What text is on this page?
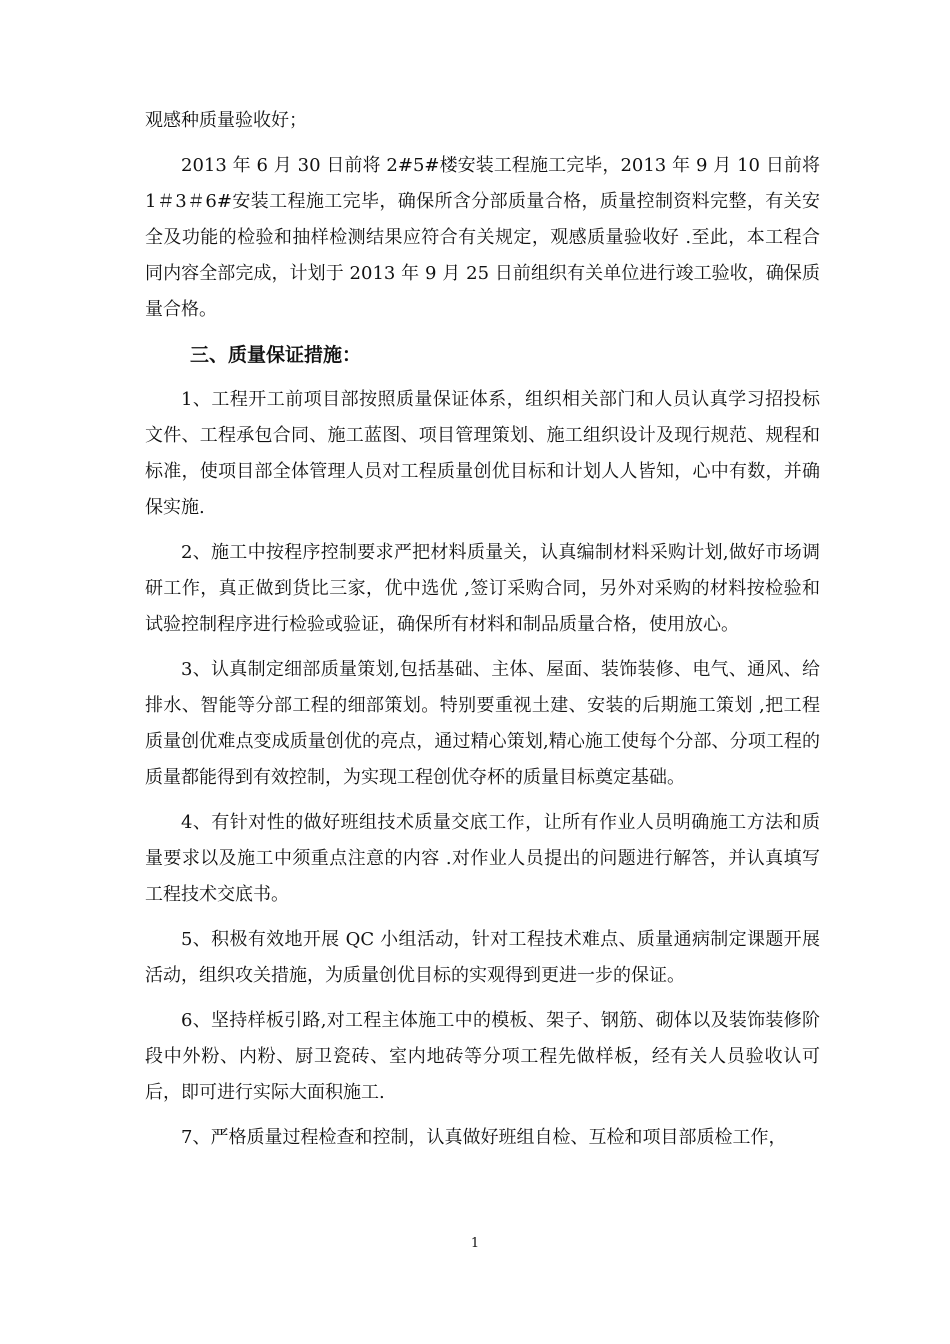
观感种质量验收好；

2013 年 6 月 30 日前将 2#5#楼安装工程施工完毕，2013 年 9 月 10 日前将 1＃3＃6#安装工程施工完毕，确保所含分部质量合格，质量控制资料完整，有关安全及功能的检验和抽样检测结果应符合有关规定，观感质量验收好 .至此，本工程合同内容全部完成，计划于 2013 年 9 月 25 日前组织有关单位进行竣工验收，确保质量合格。

三、质量保证措施：

1、工程开工前项目部按照质量保证体系，组织相关部门和人员认真学习招投标文件、工程承包合同、施工蓝图、项目管理策划、施工组织设计及现行规范、规程和标准，使项目部全体管理人员对工程质量创优目标和计划人人皆知，心中有数，并确保实施.

2、施工中按程序控制要求严把材料质量关，认真编制材料采购计划,做好市场调研工作，真正做到货比三家，优中选优 ,签订采购合同，另外对采购的材料按检验和试验控制程序进行检验或验证，确保所有材料和制品质量合格，使用放心。

3、认真制定细部质量策划,包括基础、主体、屋面、装饰装修、电气、通风、给排水、智能等分部工程的细部策划。特别要重视土建、安装的后期施工策划 ,把工程质量创优难点变成质量创优的亮点，通过精心策划,精心施工使每个分部、分项工程的质量都能得到有效控制，为实现工程创优夺杯的质量目标奠定基础。

4、有针对性的做好班组技术质量交底工作，让所有作业人员明确施工方法和质量要求以及施工中须重点注意的内容 .对作业人员提出的问题进行解答，并认真填写工程技术交底书。

5、积极有效地开展 QC 小组活动，针对工程技术难点、质量通病制定课题开展活动，组织攻关措施，为质量创优目标的实观得到更进一步的保证。

6、坚持样板引路,对工程主体施工中的模板、架子、钢筋、砌体以及装饰装修阶段中外粉、内粉、厨卫瓷砖、室内地砖等分项工程先做样板，经有关人员验收认可后，即可进行实际大面积施工.

7、严格质量过程检查和控制，认真做好班组自检、互检和项目部质检工作，

1
